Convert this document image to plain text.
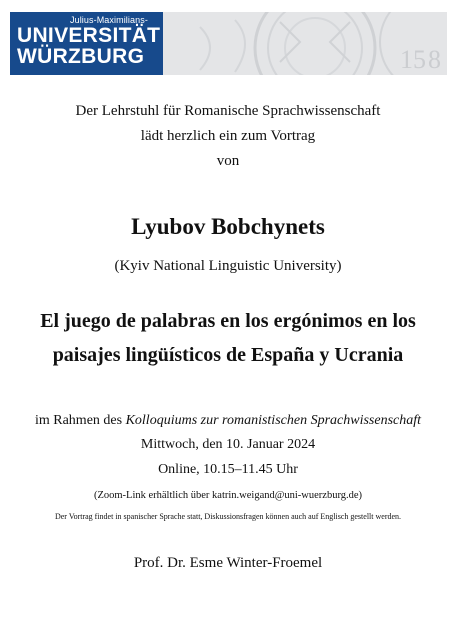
15 8
Julius-Maximilians-
UNIVERSITÄT
WÜRZBURG
Der Lehrstuhl für Romanische Sprachwissenschaft
lädt herzlich ein zum Vortrag
von
Lyubov Bobchynets
(Kyiv National Linguistic University)
El juego de palabras en los ergónimos en los
paisajes lingüísticos de España y Ucrania
im Rahmen des Kolloquiums zur romanistischen Sprachwissenschaft
Mittwoch, den 10. Januar 2024
Online, 10.15–11.45 Uhr
(Zoom-Link erhältlich über katrin.weigand@uni-wuerzburg.de)
Der Vortrag findet in spanischer Sprache statt, Diskussionsfragen können auch auf Englisch gestellt werden.
Prof. Dr. Esme Winter-Froemel
